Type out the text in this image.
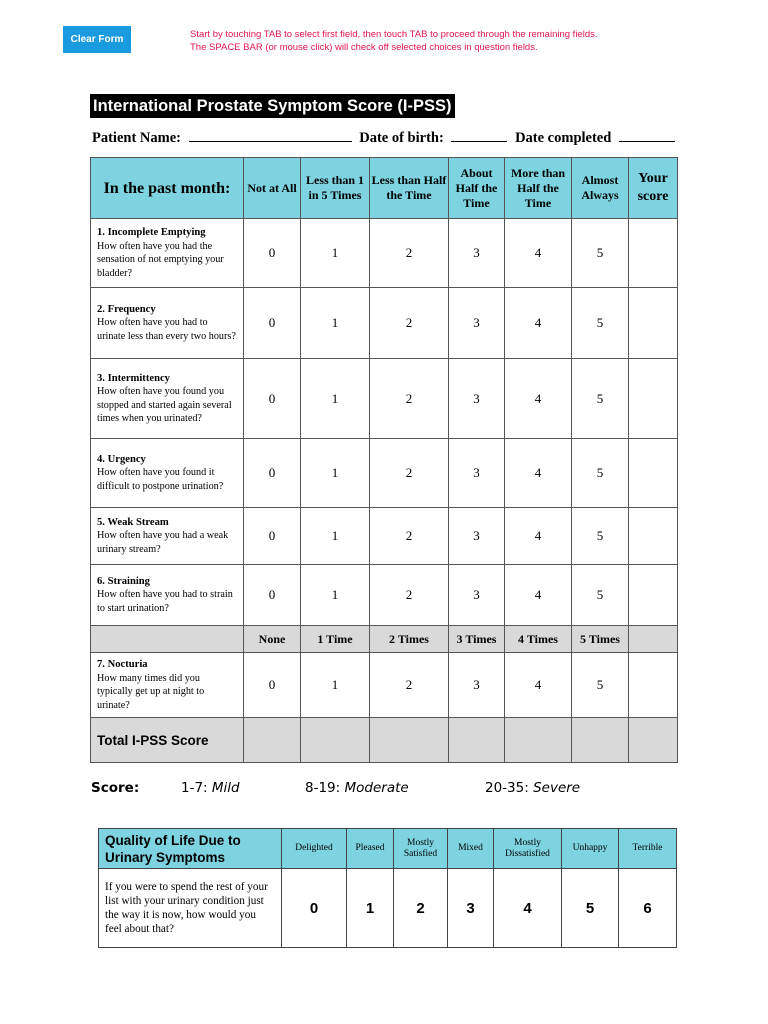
Clear Form	Start by touching TAB to select first field, then touch TAB to proceed through the remaining fields.
The SPACE BAR (or mouse click) will check off selected choices in question fields.
International Prostate Symptom Score (I-PSS)
Patient Name:	Date of birth:	Date completed
In the past month:	Not at All	Less than 1 in 5 Times	Less than Half the Time	About Half the Time	More than Half the Time	Almost Always	Your score
1. Incomplete Emptying
How often have you had the sensation of not emptying your bladder?	0	1	2	3	4	5	
2. Frequency
How often have you had to urinate less than every two hours?	0	1	2	3	4	5	
3. Intermittency
How often have you found you stopped and started again several times when you urinated?	0	1	2	3	4	5	
4. Urgency
How often have you found it difficult to postpone urination?	0	1	2	3	4	5	
5. Weak Stream
How often have you had a weak urinary stream?	0	1	2	3	4	5	
6. Straining
How often have you had to strain to start urination?	0	1	2	3	4	5	
	None	1 Time	2 Times	3 Times	4 Times	5 Times	
7. Nocturia
How many times did you typically get up at night to urinate?	0	1	2	3	4	5	
Total I-PSS Score							
Score:	1-7: Mild	8-19: Moderate	20-35: Severe
Quality of Life Due to Urinary Symptoms	Delighted	Pleased	Mostly Satisfied	Mixed	Mostly Dissatisfied	Unhappy	Terrible
If you were to spend the rest of your list with your urinary condition just the way it is now, how would you feel about that?	0	1	2	3	4	5	6
